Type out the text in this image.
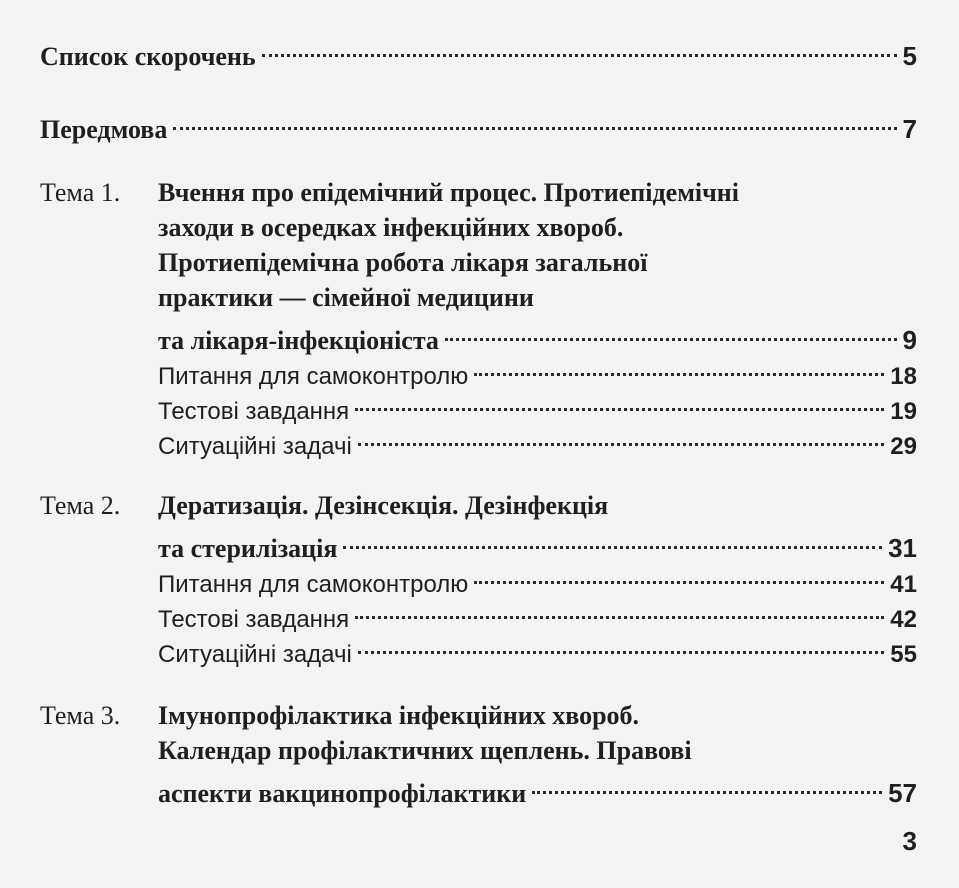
Список скорочень	5
Передмова	7
Тема 1. Вчення про епідемічний процес. Протиепідемічні
заходи в осередках інфекційних хвороб.
Протиепідемічна робота лікаря загальної
практики — сімейної медицини
та лікаря-інфекціоніста	9
Питання для самоконтролю	18
Тестові завдання	19
Ситуаційні задачі	29
Тема 2. Дератизація. Дезінсекція. Дезінфекція
та стерилізація	31
Питання для самоконтролю	41
Тестові завдання	42
Ситуаційні задачі	55
Тема 3. Імунопрофілактика інфекційних хвороб.
Календар профілактичних щеплень. Правові
аспекти вакцинопрофілактики	57
3
